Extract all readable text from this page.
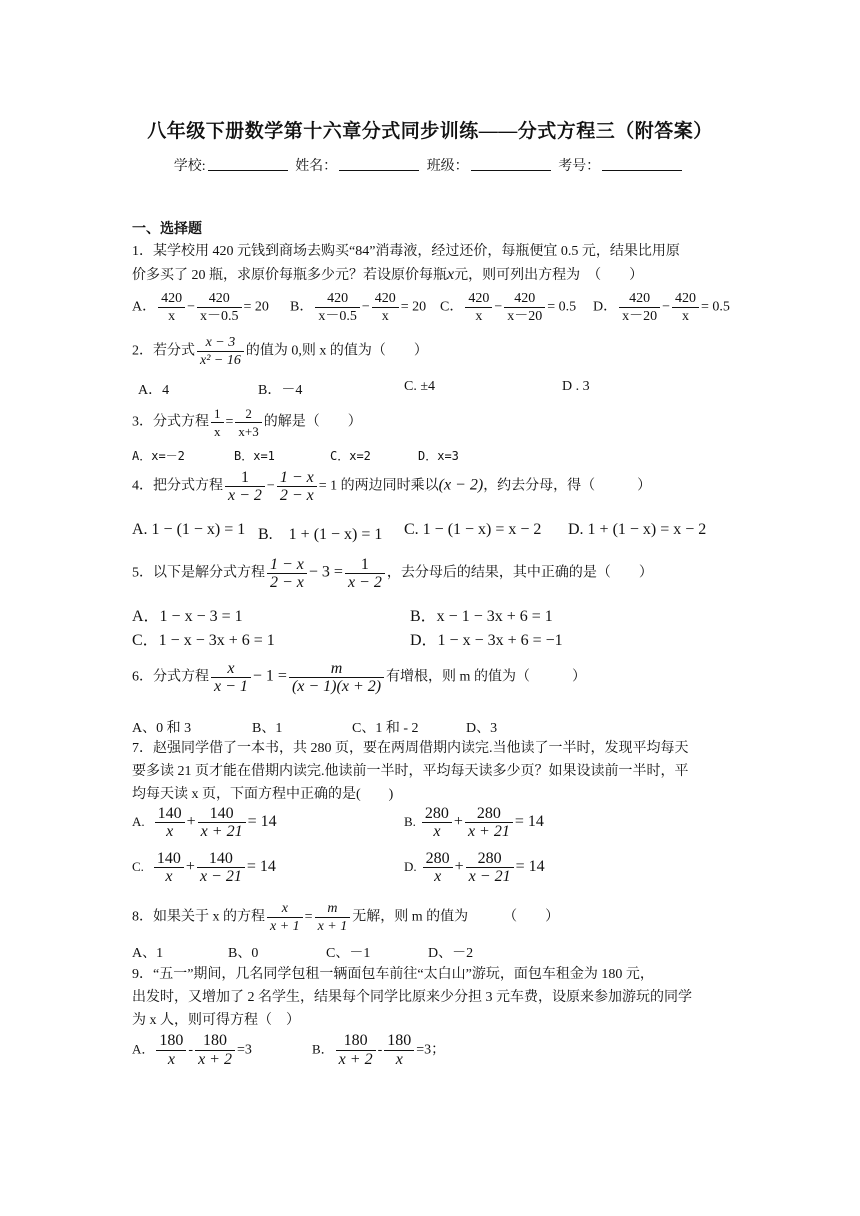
八年级下册数学第十六章分式同步训练——分式方程三（附答案）
学校:	姓名：	班级：	考号：
一、选择题
1．某学校用 420 元钱到商场去购买“84”消毒液，经过还价，每瓶便宜 0.5 元，结果比用原
价多买了 20 瓶，求原价每瓶多少元？若设原价每瓶x元，则可列出方程为　（　　）
A． $\frac{420}{x} - \frac{420}{x-0.5} = 20$ B． $\frac{420}{x-0.5} - \frac{420}{x} = 20$ C． $\frac{420}{x} - \frac{420}{x-20} = 0.5$ D． $\frac{420}{x-20} - \frac{420}{x} = 0.5$
2．若分式 $\frac{x - 3}{\text{x² − 16}}$ 的值为 0,则 x 的值为（　　）
A．4	B．－4	C. ±4	D . 3
3．分式方程 $\frac{1}{x} = \frac{2}{x+3}$ 的解是（　　）
A．x=－2	B．x=1	C．x=2	D．x=3
4．把分式方程 $\frac{1}{x - 2} - \frac{1 - x}{2 - x} = 1$ 的两边同时乘以(x − 2)，约去分母，得（　　　）
A. 1 − (1 − x) = 1 B.　1 + (1 − x) = 1 C. 1 − (1 − x) = x − 2 D. 1 + (1 − x) = x − 2
5．以下是解分式方程 $\frac{1 - x}{2 - x} - 3 = \frac{1}{x - 2}$ ，去分母后的结果，其中正确的是（　　）
A．1 − x − 3 = 1	B．x − 1 − 3x + 6 = 1
C．1 − x − 3x + 6 = 1	D．1 − x − 3x + 6 = −1
6．分式方程 $\frac{x}{x - 1} - 1 = \frac{m}{(x - 1)(x + 2)}$ 有增根，则 m 的值为（　　　）
A、0 和 3	B、1	C、1 和 - 2	D、3
7．赵强同学借了一本书，共 280 页，要在两周借期内读完.当他读了一半时，发现平均每天
要多读 21 页才能在借期内读完.他读前一半时，平均每天读多少页？如果设读前一半时，平
均每天读 x 页，下面方程中正确的是(　　)
A. $\frac{140}{x} + \frac{140}{x + 21} = 14$	B. $\frac{280}{x} + \frac{280}{x + 21} = 14$
C. $\frac{140}{x} + \frac{140}{x - 21} = 14$	D. $\frac{280}{x} + \frac{280}{x - 21} = 14$
8．如果关于 x 的方程 $\frac{x}{x + 1} = \frac{m}{x + 1}$ 无解，则 m 的值为　　　（　　）
A、1	B、0	C、－1	D、－2
9．“五一”期间，几名同学包租一辆面包车前往“太白山”游玩，面包车租金为 180 元，
出发时，又增加了 2 名学生，结果每个同学比原来少分担 3 元车费，设原来参加游玩的同学
为 x 人，则可得方程（　）
A． $\frac{180}{x} - \frac{180}{x + 2} =3$	B． $\frac{180}{x + 2} - \frac{180}{x} =3$；
